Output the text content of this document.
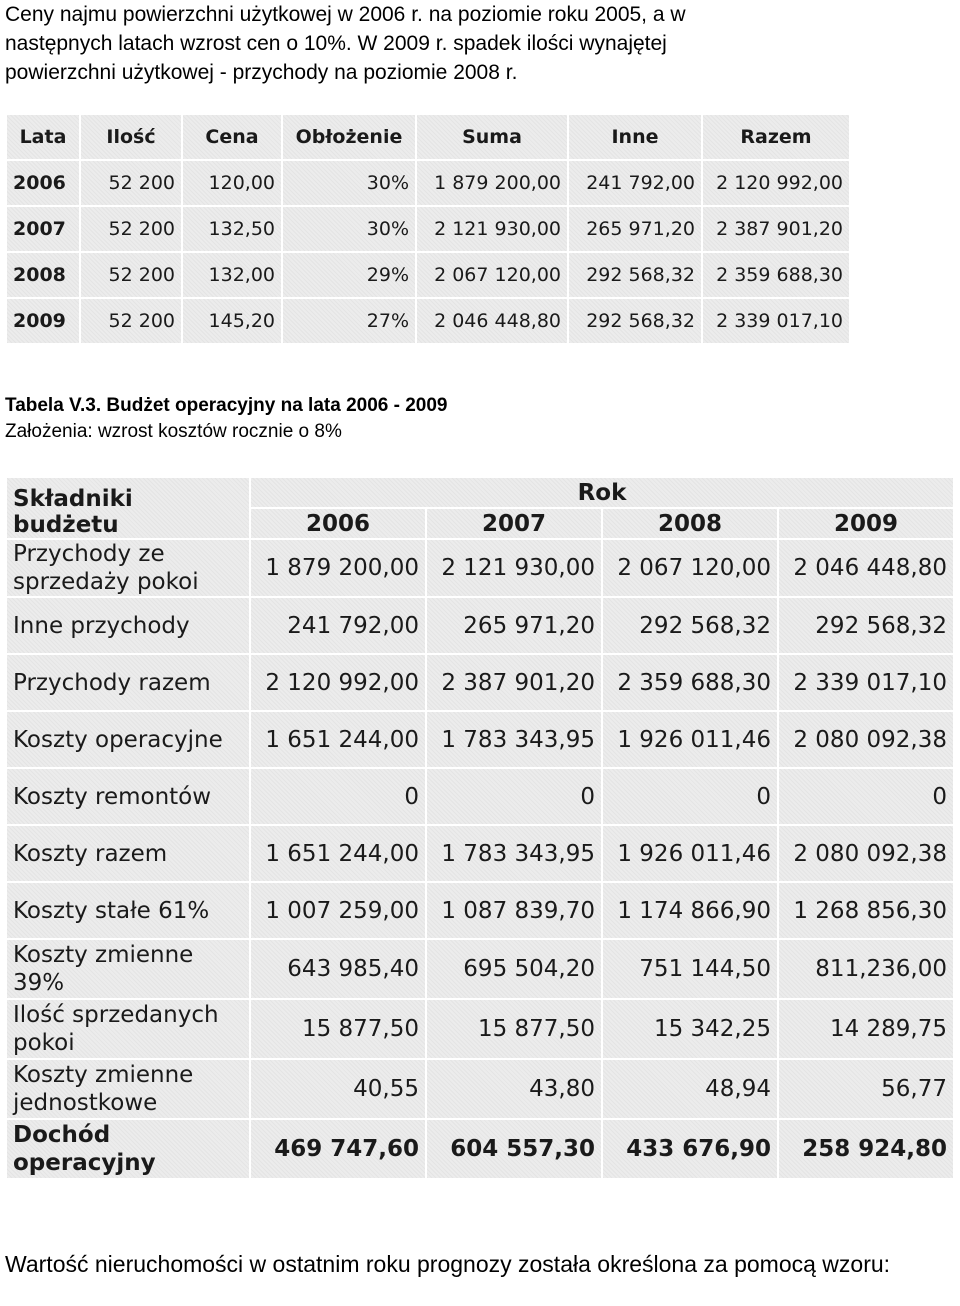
Ceny najmu powierzchni użytkowej w 2006 r. na poziomie roku 2005, a w
następnych latach wzrost cen o 10%. W 2009 r. spadek ilości wynajętej
powierzchni użytkowej - przychody na poziomie 2008 r.

Lata	Ilość	Cena	Obłożenie	Suma	Inne	Razem
2006	52 200	120,00	30%	1 879 200,00	241 792,00	2 120 992,00
2007	52 200	132,50	30%	2 121 930,00	265 971,20	2 387 901,20
2008	52 200	132,00	29%	2 067 120,00	292 568,32	2 359 688,30
2009	52 200	145,20	27%	2 046 448,80	292 568,32	2 339 017,10
Tabela V.3. Budżet operacyjny na lata 2006 - 2009
Założenia: wzrost kosztów rocznie o 8%
Składniki budżetu	Rok			
	2006	2007	2008	2009
Przychody ze sprzedaży pokoi	1 879 200,00	2 121 930,00	2 067 120,00	2 046 448,80
Inne przychody	241 792,00	265 971,20	292 568,32	292 568,32
Przychody razem	2 120 992,00	2 387 901,20	2 359 688,30	2 339 017,10
Koszty operacyjne	1 651 244,00	1 783 343,95	1 926 011,46	2 080 092,38
Koszty remontów	0	0	0	0
Koszty razem	1 651 244,00	1 783 343,95	1 926 011,46	2 080 092,38
Koszty stałe 61%	1 007 259,00	1 087 839,70	1 174 866,90	1 268 856,30
Koszty zmienne 39%	643 985,40	695 504,20	751 144,50	811,236,00
Ilość sprzedanych pokoi	15 877,50	15 877,50	15 342,25	14 289,75
Koszty zmienne jednostkowe	40,55	43,80	48,94	56,77
Dochód operacyjny	469 747,60	604 557,30	433 676,90	258 924,80

Wartość nieruchomości w ostatnim roku prognozy została określona za pomocą wzoru:
